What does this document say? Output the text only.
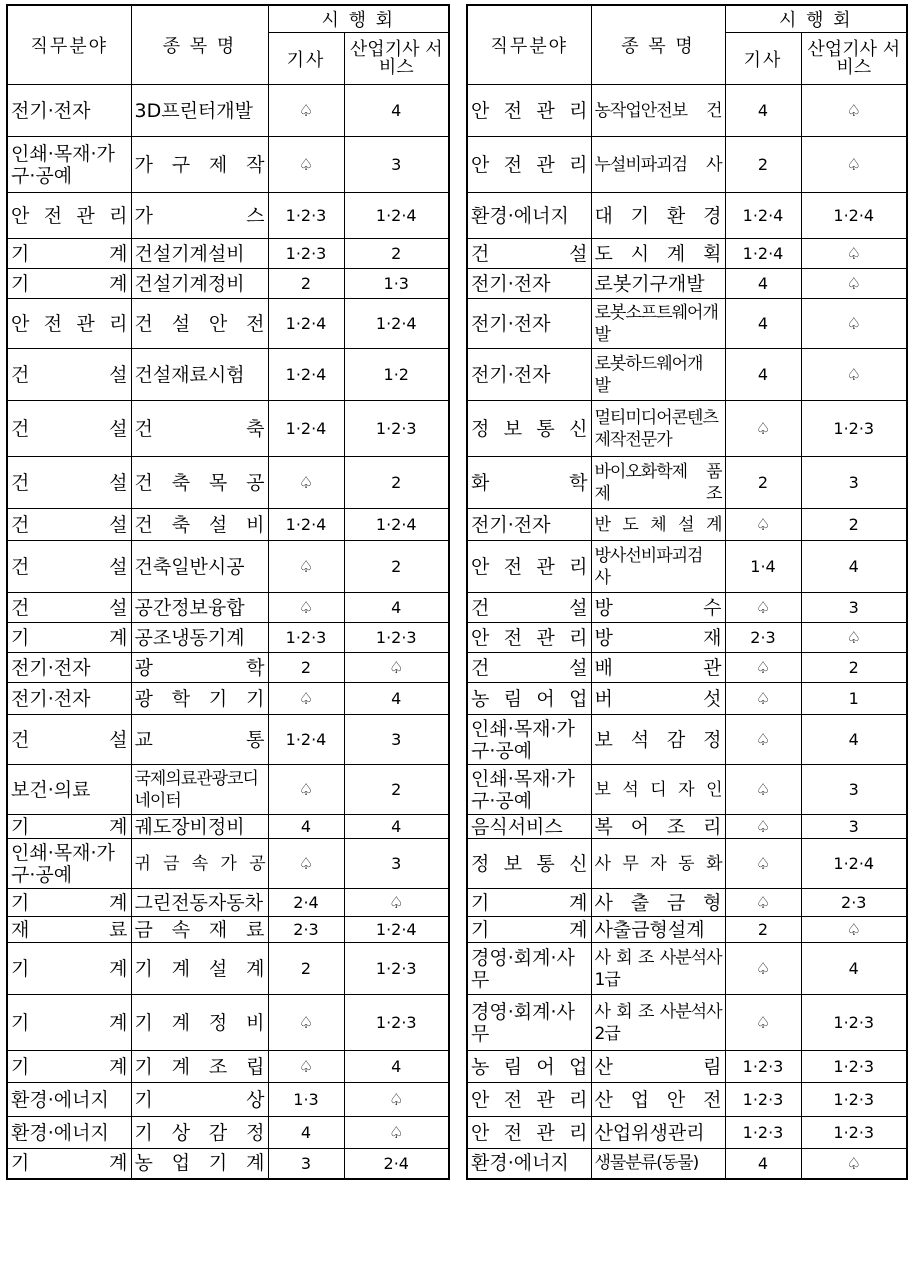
직무분야	종 목 명	시 행 회	
		기사	산업기사 서비스
전기·전자	3D프린터개발	♤	4
인쇄·목재·가구·공예	가 구 제 작	♤	3
안 전 관 리	가 스	1·2·3	1·2·4
기 계	건설기계설비	1·2·3	2
기 계	건설기계정비	2	1·3
안 전 관 리	건 설 안 전	1·2·4	1·2·4
건 설	건설재료시험	1·2·4	1·2
건 설	건 축	1·2·4	1·2·3
건 설	건 축 목 공	♤	2
건 설	건 축 설 비	1·2·4	1·2·4
건 설	건축일반시공	♤	2
건 설	공간정보융합	♤	4
기 계	공조냉동기계	1·2·3	1·2·3
전기·전자	광 학	2	♤
전기·전자	광 학 기 기	♤	4
건 설	교 통	1·2·4	3
보건·의료	국제의료관광코디네이터	♤	2
기 계	궤도장비정비	4	4
인쇄·목재·가구·공예	귀 금 속 가 공	♤	3
기 계	그린전동자동차	2·4	♤
재 료	금 속 재 료	2·3	1·2·4
기 계	기 계 설 계	2	1·2·3
기 계	기 계 정 비	♤	1·2·3
기 계	기 계 조 립	♤	4
환경·에너지	기 상	1·3	♤
환경·에너지	기 상 감 정	4	♤
기 계	농 업 기 계	3	2·4
직무분야	종 목 명	시 행 회	
		기사	산업기사 서비스
안 전 관 리	농작업안전보 건	4	♤
안 전 관 리	누설비파괴검 사	2	♤
환경·에너지	대 기 환 경	1·2·4	1·2·4
건 설	도 시 계 획	1·2·4	♤
전기·전자	로봇기구개발	4	♤
전기·전자	로봇소프트웨어개 발	4	♤
전기·전자	로봇하드웨어개 발	4	♤
정 보 통 신	멀티미디어콘텐츠제작전문가	♤	1·2·3
화 학	바이오화학제 품 제 조	2	3
전기·전자	반 도 체 설 계	♤	2
안 전 관 리	방사선비파괴검 사	1·4	4
건 설	방 수	♤	3
안 전 관 리	방 재	2·3	♤
건 설	배 관	♤	2
농 림 어 업	버 섯	♤	1
인쇄·목재·가구·공예	보 석 감 정	♤	4
인쇄·목재·가구·공예	보 석 디 자 인	♤	3
음식서비스	복 어 조 리	♤	3
정 보 통 신	사 무 자 동 화	♤	1·2·4
기 계	사 출 금 형	♤	2·3
기 계	사출금형설계	2	♤
경영·회계·사 무	사 회 조 사분석사1급	♤	4
경영·회계·사 무	사 회 조 사분석사2급	♤	1·2·3
농 림 어 업	산 림	1·2·3	1·2·3
안 전 관 리	산 업 안 전	1·2·3	1·2·3
안 전 관 리	산업위생관리	1·2·3	1·2·3
환경·에너지	생물분류(동물)	4	♤
